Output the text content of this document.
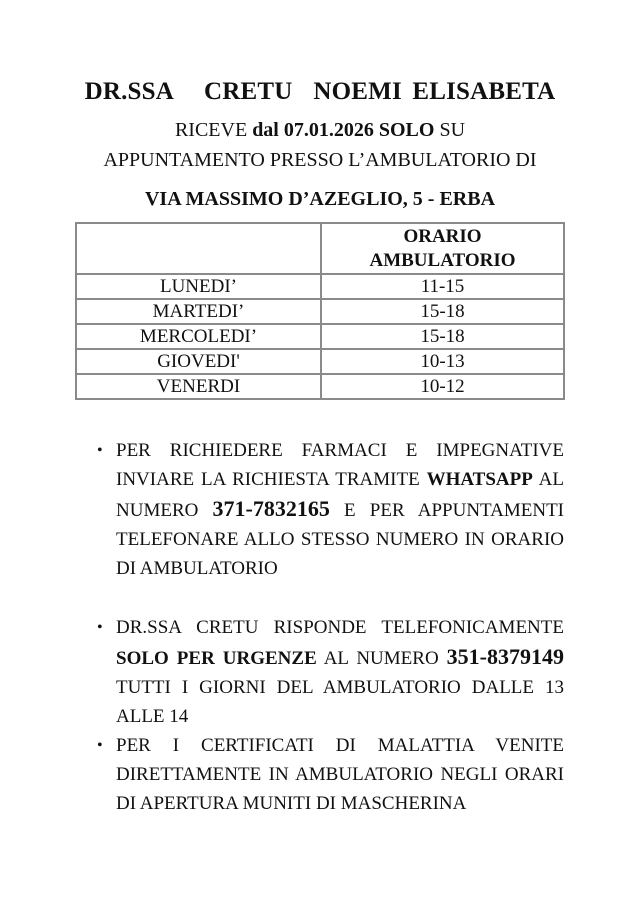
DR.SSA   CRETU  NOEMI ELISABETA
RICEVE dal 07.01.2026 SOLO SU
APPUNTAMENTO PRESSO L’AMBULATORIO DI
VIA MASSIMO D’AZEGLIO, 5 - ERBA
	ORARIO
AMBULATORIO
LUNEDI’	11-15
MARTEDI’	15-18
MERCOLEDI’	15-18
GIOVEDI'	10-13
VENERDI	10-12
• PER RICHIEDERE FARMACI E IMPEGNATIVE INVIARE LA RICHIESTA TRAMITE WHATSAPP AL NUMERO 371-7832165 E PER APPUNTAMENTI TELEFONARE ALLO STESSO NUMERO IN ORARIO DI AMBULATORIO
• DR.SSA CRETU RISPONDE TELEFONICAMENTE SOLO PER URGENZE AL NUMERO 351-8379149 TUTTI I GIORNI DEL AMBULATORIO DALLE 13 ALLE 14
• PER I CERTIFICATI DI MALATTIA VENITE DIRETTAMENTE IN AMBULATORIO NEGLI ORARI DI APERTURA MUNITI DI MASCHERINA
